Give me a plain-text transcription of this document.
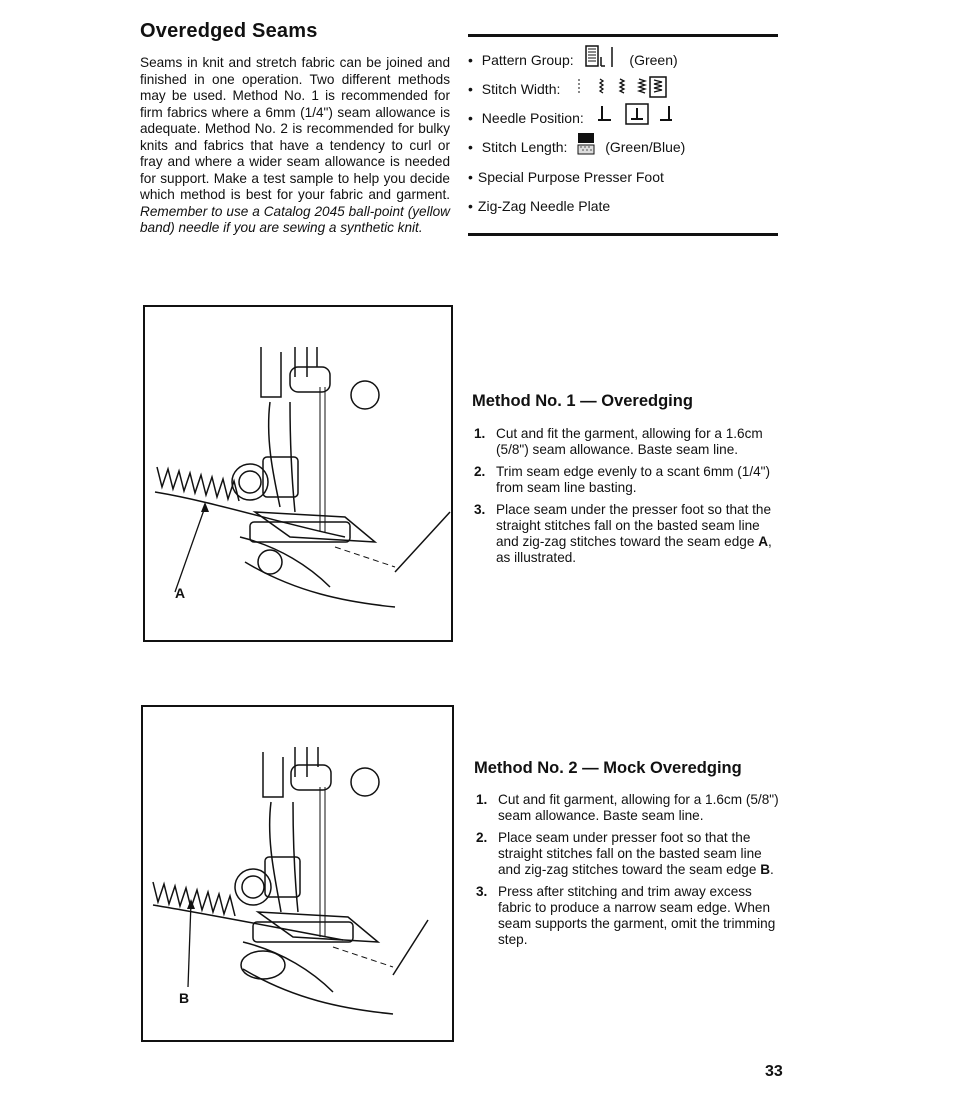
Overedged Seams

Seams in knit and stretch fabric can be joined and finished in one operation. Two different methods may be used. Method No. 1 is recommended for firm fabrics where a 6mm (1/4") seam allowance is adequate. Method No. 2 is recommended for bulky knits and fabrics that have a tendency to curl or fray and where a wider seam allowance is needed for support. Make a test sample to help you decide which method is best for your fabric and garment. Remember to use a Catalog 2045 ball-point (yellow band) needle if you are sewing a synthetic knit.

• Pattern Group:	(Green)
• Stitch Width:
• Needle Position:
• Stitch Length:	(Green/Blue)
• Special Purpose Presser Foot
• Zig-Zag Needle Plate
A
Method No. 1 — Overedging
1. Cut and fit the garment, allowing for a 1.6cm (5/8") seam allowance. Baste seam line.
2. Trim seam edge evenly to a scant 6mm (1/4") from seam line basting.
3. Place seam under the presser foot so that the straight stitches fall on the basted seam line and zig-zag stitches toward the seam edge A, as illustrated.
B
Method No. 2 — Mock Overedging
1. Cut and fit garment, allowing for a 1.6cm (5/8") seam allowance. Baste seam line.
2. Place seam under presser foot so that the straight stitches fall on the basted seam line and zig-zag stitches toward the seam edge B.
3. Press after stitching and trim away excess fabric to produce a narrow seam edge. When seam supports the garment, omit the trimming step.
33
